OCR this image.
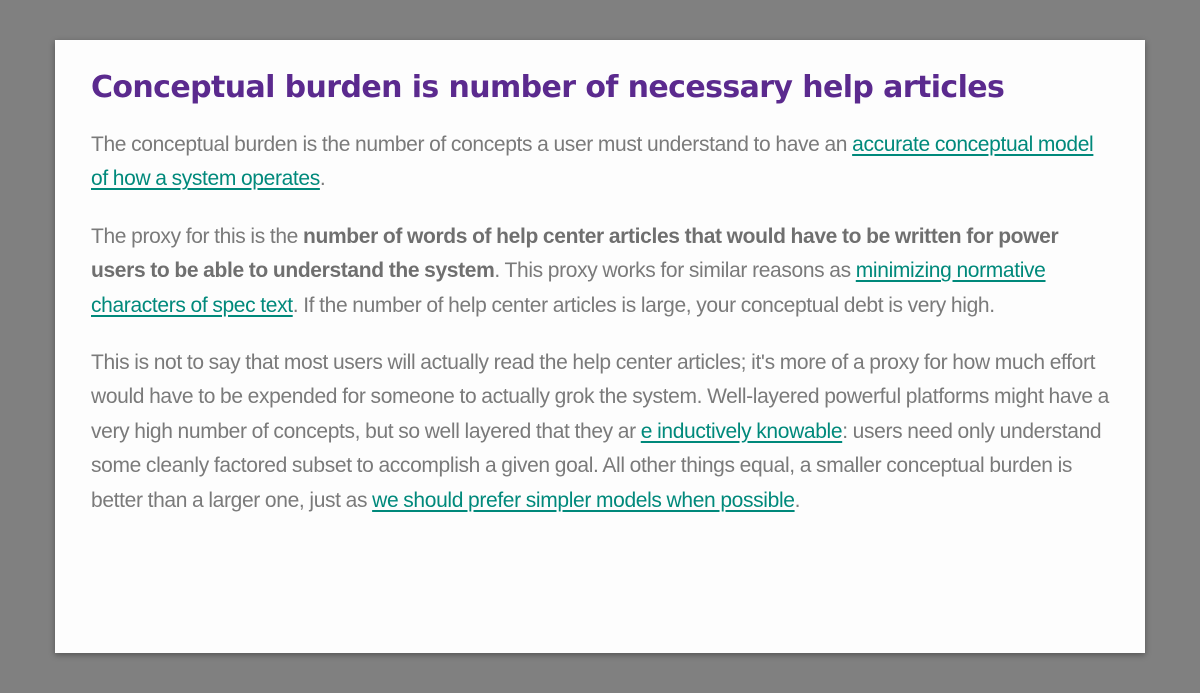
Conceptual burden is number of necessary help articles

The conceptual burden is the number of concepts a user must understand to have an accurate conceptual model of how a system operates.

The proxy for this is the number of words of help center articles that would have to be written for power users to be able to understand the system. This proxy works for similar reasons as minimizing normative characters of spec text. If the number of help center articles is large, your conceptual debt is very high.

This is not to say that most users will actually read the help center articles; it's more of a proxy for how much effort would have to be expended for someone to actually grok the system. Well-layered powerful platforms might have a very high number of concepts, but so well layered that they ar e inductively knowable: users need only understand some cleanly factored subset to accomplish a given goal. All other things equal, a smaller conceptual burden is better than a larger one, just as we should prefer simpler models when possible.
